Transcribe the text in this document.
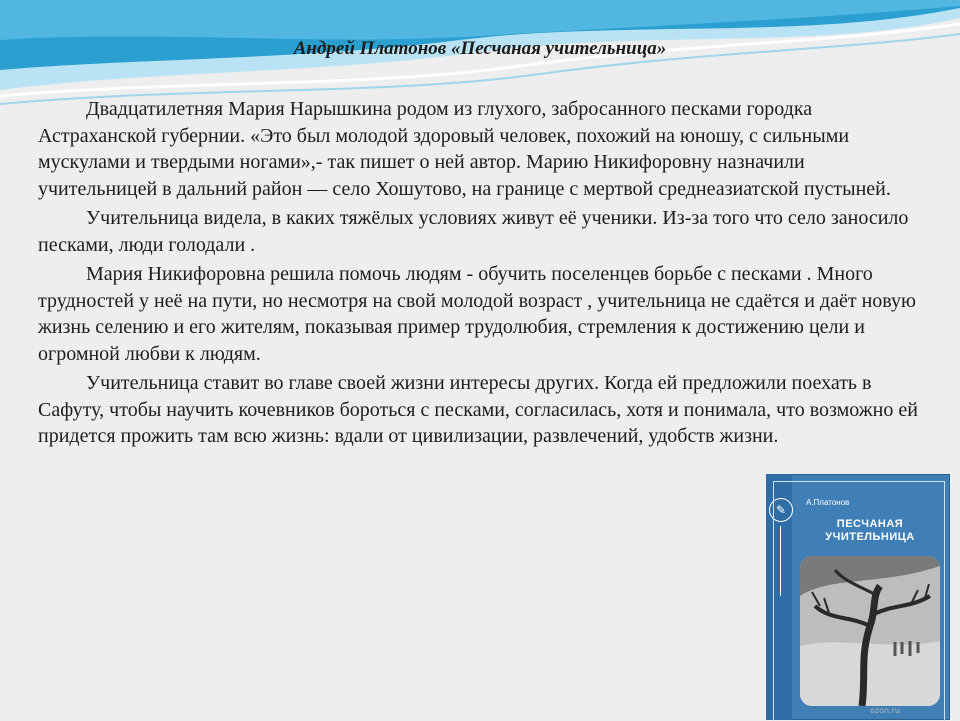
Андрей Платонов «Песчаная учительница»

Двадцатилетняя Мария Нарышкина родом из глухого, забросанного песками городка Астраханской губернии. «Это был молодой здоровый человек, похожий на юношу, с сильными мускулами и твердыми ногами»,- так пишет о ней автор. Марию Никифоровну назначили учительницей в дальний район — село Хошутово, на границе с мертвой среднеазиатской пустыней.

Учительница видела, в каких тяжёлых условиях живут её ученики. Из-за того что село заносило песками, люди голодали .

Мария Никифоровна решила помочь людям - обучить поселенцев борьбе с песками . Много трудностей у неё на пути, но несмотря на свой молодой возраст , учительница не сдаётся и даёт новую жизнь селению и его жителям, показывая пример трудолюбия, стремления к достижению цели и огромной любви к людям.

Учительница ставит во главе своей жизни интересы других. Когда ей предложили поехать в Сафуту, чтобы научить кочевников бороться с песками, согласилась, хотя и понимала, что возможно ей придется прожить там всю жизнь: вдали от цивилизации, развлечений, удобств жизни.

✎
А.Платонов
ПЕСЧАНАЯ
УЧИТЕЛЬНИЦА
ozon.ru
